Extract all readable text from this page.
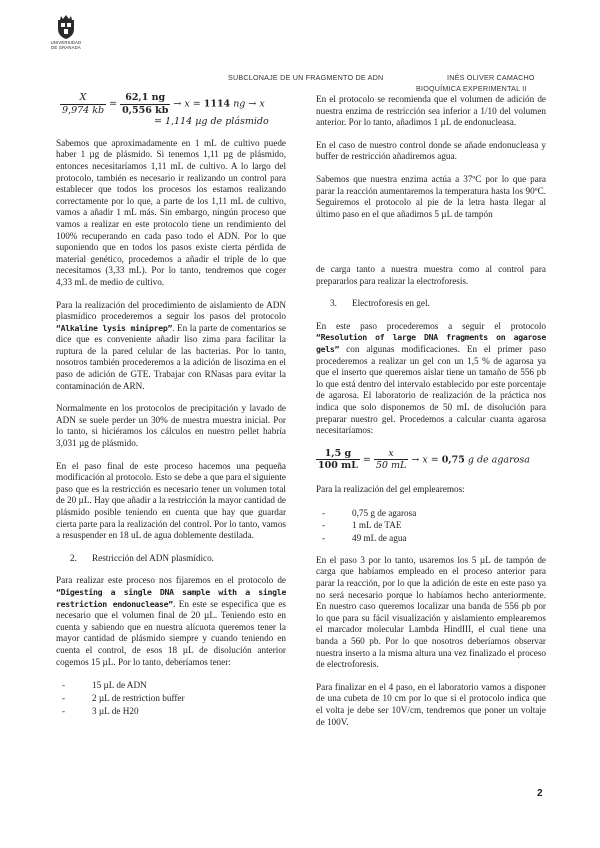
UNIVERSIDAD
DE GRANADA
SUBCLONAJE DE UN FRAGMENTO DE ADN	INÉS OLIVER CAMACHO
BIOQUÍMICA EXPERIMENTAL II
$\frac{X}{9,974 kb} = \frac{62,1 ng}{0,556 kb} \to x = 1114$ ng → x
= 1,114 µg de plásmido

Sabemos que aproximadamente en 1 mL de cultivo puede haber 1 µg de plásmido. Si tenemos 1,11 µg de plásmido, entonces necesitaríamos 1,11 mL de cultivo. A lo largo del protocolo, también es necesario ir realizando un control para establecer que todos los procesos los estamos realizando correctamente por lo que, a parte de los 1,11 mL de cultivo, vamos a añadir 1 mL más. Sin embargo, ningún proceso que vamos a realizar en este protocolo tiene un rendimiento del 100% recuperando en cada paso todo el ADN. Por lo que suponiendo que en todos los pasos existe cierta pérdida de material genético, procedemos a añadir el triple de lo que necesitamos (3,33 mL). Por lo tanto, tendremos que coger 4,33 mL de medio de cultivo.

Para la realización del procedimiento de aislamiento de ADN plasmídico procederemos a seguir los pasos del protocolo “Alkaline lysis miniprep”. En la parte de comentarios se dice que es conveniente añadir liso zima para facilitar la ruptura de la pared celular de las bacterias. Por lo tanto, nosotros también procederemos a la adición de lisozima en el paso de adición de GTE. Trabajar con RNasas para evitar la contaminación de ARN.

Normalmente en los protocolos de precipitación y lavado de ADN se suele perder un 30% de nuestra muestra inicial. Por lo tanto, si hiciéramos los cálculos en nuestro pellet habría 3,031 µg de plásmido.

En el paso final de este proceso hacemos una pequeña modificación al protocolo. Esto se debe a que para el siguiente paso que es la restricción es necesario tener un volumen total de 20 µL. Hay que añadir a la restricción la mayor cantidad de plásmido posible teniendo en cuenta que hay que guardar cierta parte para la realización del control. Por lo tanto, vamos a resuspender en 18 uL de agua doblemente destilada.

2. Restricción del ADN plasmídico.

Para realizar este proceso nos fijaremos en el protocolo de “Digesting a single DNA sample with a single restriction endonuclease”. En este se especifica que es necesario que el volumen final de 20 µL. Teniendo esto en cuenta y sabiendo que en nuestra alícuota queremos tener la mayor cantidad de plásmido siempre y cuando teniendo en cuenta el control, de esos 18 µL de disolución anterior cogemos 15 µL. Por lo tanto, deberíamos tener:

- 15 µL de ADN
- 2 µL de restriction buffer
- 3 µL de H20

En el protocolo se recomienda que el volumen de adición de nuestra enzima de restricción sea inferior a 1/10 del volumen anterior. Por lo tanto, añadimos 1 µL de endonucleasa.

En el caso de nuestro control donde se añade endonucleasa y buffer de restricción añadiremos agua.

Sabemos que nuestra enzima actúa a 37ºC por lo que para parar la reacción aumentaremos la temperatura hasta los 90ºC. Seguiremos el protocolo al pie de la letra hasta llegar al último paso en el que añadimos 5 µL de tampón

de carga tanto a nuestra muestra como al control para prepararlos para realizar la electroforesis.

3. Electroforesis en gel.

En este paso procederemos a seguir el protocolo “Resolution of large DNA fragments on agarose gels” con algunas modificaciones. En el primer paso procederemos a realizar un gel con un 1,5 % de agarosa ya que el inserto que queremos aislar tiene un tamaño de 556 pb lo que está dentro del intervalo establecido por este porcentaje de agarosa. El laboratorio de realización de la práctica nos indica que solo disponemos de 50 mL de disolución para preparar nuestro gel. Procedemos a calcular cuanta agarosa necesitaríamos:

$\frac{1,5 g}{100 mL} = \frac{x}{50 mL} \to x = 0,75$ g de agarosa

Para la realización del gel emplearemos:

- 0,75 g de agarosa
- 1 mL de TAE
- 49 mL de agua

En el paso 3 por lo tanto, usaremos los 5 µL de tampón de carga que habíamos empleado en el proceso anterior para parar la reacción, por lo que la adición de este en este paso ya no será necesario porque lo habíamos hecho anteriormente. En nuestro caso queremos localizar una banda de 556 pb por lo que para su fácil visualización y aislamiento emplearemos el marcador molecular Lambda HindIII, el cual tiene una banda a 560 pb. Por lo que nosotros deberíamos observar nuestra inserto a la misma altura una vez finalizado el proceso de electroforesis.

Para finalizar en el 4 paso, en el laboratorio vamos a disponer de una cubeta de 10 cm por lo que si el protocolo indica que el volta je debe ser 10V/cm, tendremos que poner un voltaje de 100V.

2
